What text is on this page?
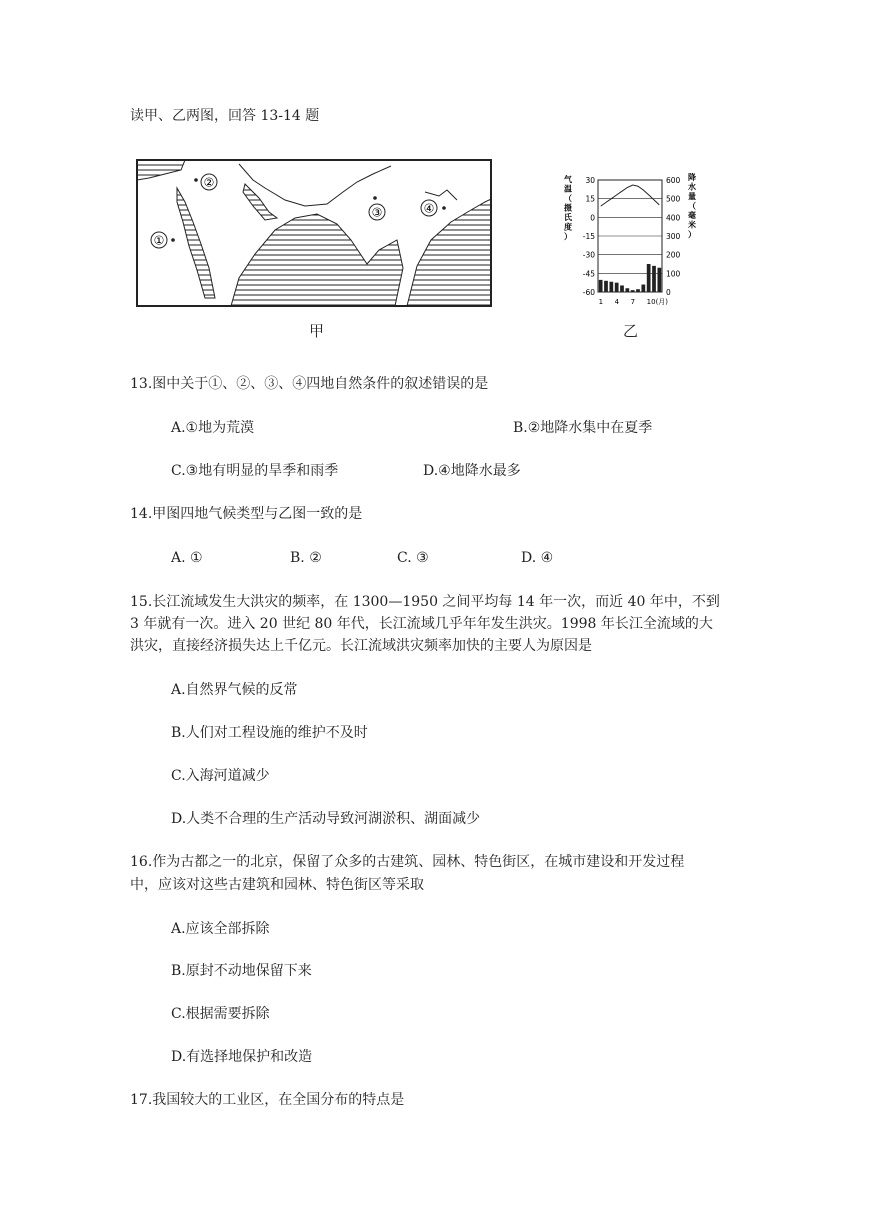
读甲、乙两图，回答 13-14 题
①
②
③	④
甲
气
温
（
摄
氏
度
）
降
水
量
（
毫
米
）
30
15
0
-15
-30
-45
-60
600
500
400
300
200
100
0
1 4 7 10(月)
乙
13.图中关于①、②、③、④四地自然条件的叙述错误的是
A.①地为荒漠	B.②地降水集中在夏季
C.③地有明显的旱季和雨季	D.④地降水最多
14.甲图四地气候类型与乙图一致的是
A. ①	B. ②	C. ③	D. ④
15.长江流域发生大洪灾的频率，在 1300—1950 之间平均每 14 年一次，而近 40 年中，不到
3 年就有一次。进入 20 世纪 80 年代，长江流域几乎年年发生洪灾。1998 年长江全流域的大
洪灾，直接经济损失达上千亿元。长江流域洪灾频率加快的主要人为原因是
A.自然界气候的反常
B.人们对工程设施的维护不及时
C.入海河道减少
D.人类不合理的生产活动导致河湖淤积、湖面减少
16.作为古都之一的北京，保留了众多的古建筑、园林、特色街区，在城市建设和开发过程
中，应该对这些古建筑和园林、特色街区等采取
A.应该全部拆除
B.原封不动地保留下来
C.根据需要拆除
D.有选择地保护和改造
17.我国较大的工业区，在全国分布的特点是
